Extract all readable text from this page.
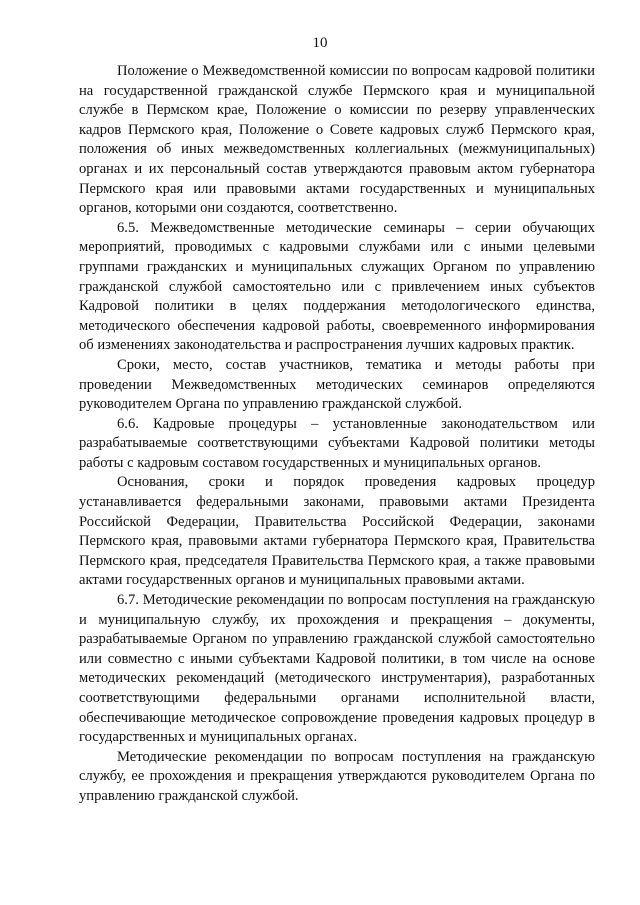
10

Положение о Межведомственной комиссии по вопросам кадровой политики на государственной гражданской службе Пермского края и муниципальной службе в Пермском крае, Положение о комиссии по резерву управленческих кадров Пермского края, Положение о Совете кадровых служб Пермского края, положения об иных межведомственных коллегиальных (межмуниципальных) органах и их персональный состав утверждаются правовым актом губернатора Пермского края или правовыми актами государственных и муниципальных органов, которыми они создаются, соответственно.

6.5. Межведомственные методические семинары – серии обучающих мероприятий, проводимых с кадровыми службами или с иными целевыми группами гражданских и муниципальных служащих Органом по управлению гражданской службой самостоятельно или с привлечением иных субъектов Кадровой политики в целях поддержания методологического единства, методического обеспечения кадровой работы, своевременного информирования об изменениях законодательства и распространения лучших кадровых практик.

Сроки, место, состав участников, тематика и методы работы при проведении Межведомственных методических семинаров определяются руководителем Органа по управлению гражданской службой.

6.6. Кадровые процедуры – установленные законодательством или разрабатываемые соответствующими субъектами Кадровой политики методы работы с кадровым составом государственных и муниципальных органов.

Основания, сроки и порядок проведения кадровых процедур устанавливается федеральными законами, правовыми актами Президента Российской Федерации, Правительства Российской Федерации, законами Пермского края, правовыми актами губернатора Пермского края, Правительства Пермского края, председателя Правительства Пермского края, а также правовыми актами государственных органов и муниципальных правовыми актами.

6.7. Методические рекомендации по вопросам поступления на гражданскую и муниципальную службу, их прохождения и прекращения – документы, разрабатываемые Органом по управлению гражданской службой самостоятельно или совместно с иными субъектами Кадровой политики, в том числе на основе методических рекомендаций (методического инструментария), разработанных соответствующими федеральными органами исполнительной власти, обеспечивающие методическое сопровождение проведения кадровых процедур в государственных и муниципальных органах.

Методические рекомендации по вопросам поступления на гражданскую службу, ее прохождения и прекращения утверждаются руководителем Органа по управлению гражданской службой.
